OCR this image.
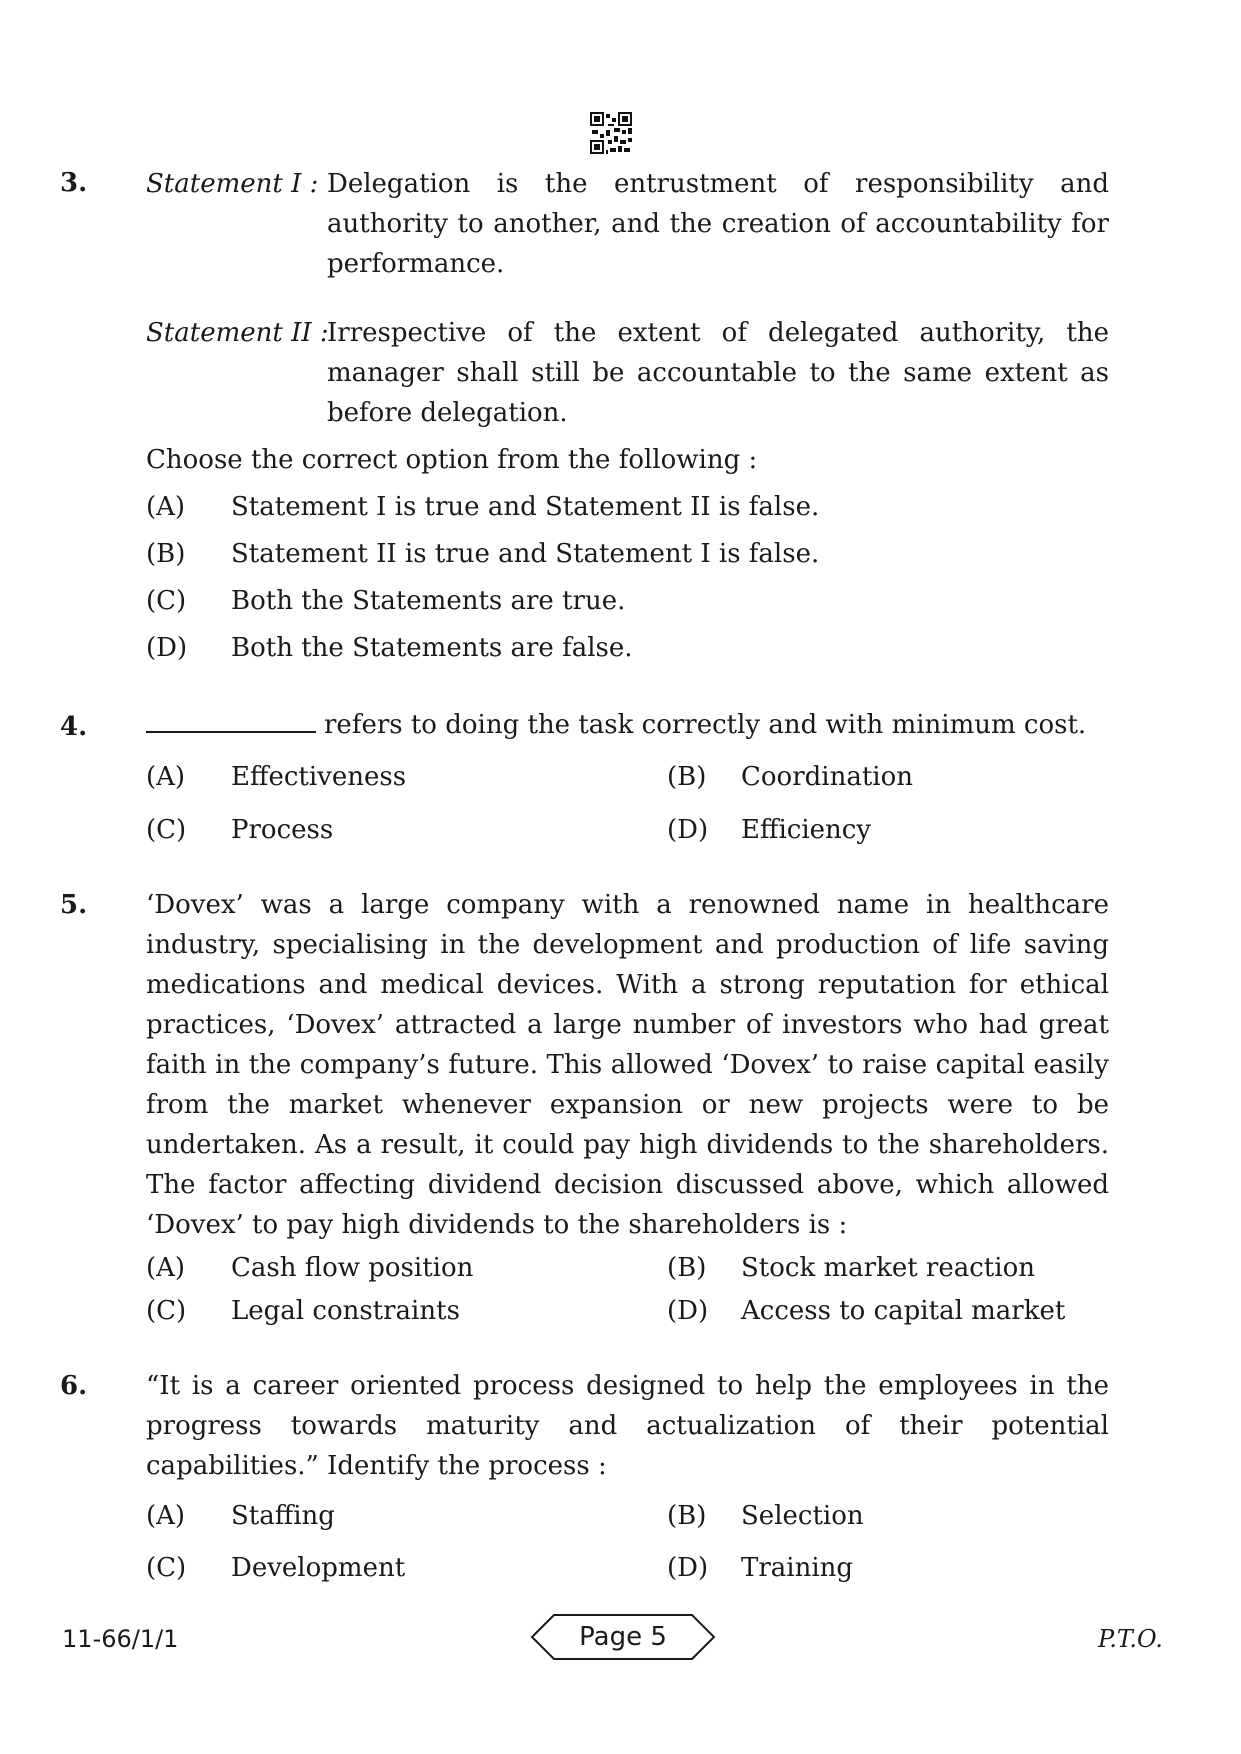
3. Statement I : Delegation is the entrustment of responsibility and
authority to another, and the creation of accountability for
performance.
Statement II :
Irrespective of the extent of delegated authority, the
manager shall still be accountable to the same extent as
before delegation.
Choose the correct option from the following :
(A) Statement I is true and Statement II is false.
(B) Statement II is true and Statement I is false.
(C) Both the Statements are true.
(D) Both the Statements are false.
4.	refers to doing the task correctly and with minimum cost.
(A) Effectiveness	(B) Coordination
(C) Process	(D) Efficiency
5. ‘Dovex’ was a large company with a renowned name in healthcare
industry, specialising in the development and production of life saving
medications and medical devices. With a strong reputation for ethical
practices, ‘Dovex’ attracted a large number of investors who had great
faith in the company’s future. This allowed ‘Dovex’ to raise capital easily
from the market whenever expansion or new projects were to be
undertaken. As a result, it could pay high dividends to the shareholders.
The factor affecting dividend decision discussed above, which allowed
‘Dovex’ to pay high dividends to the shareholders is :
(A) Cash flow position	(B) Stock market reaction
(C) Legal constraints	(D) Access to capital market
6. “It is a career oriented process designed to help the employees in the
progress towards maturity and actualization of their potential
capabilities.” Identify the process :
(A) Staffing	(B) Selection
(C) Development	(D) Training
11-66/1/1	Page 5	P.T.O.
